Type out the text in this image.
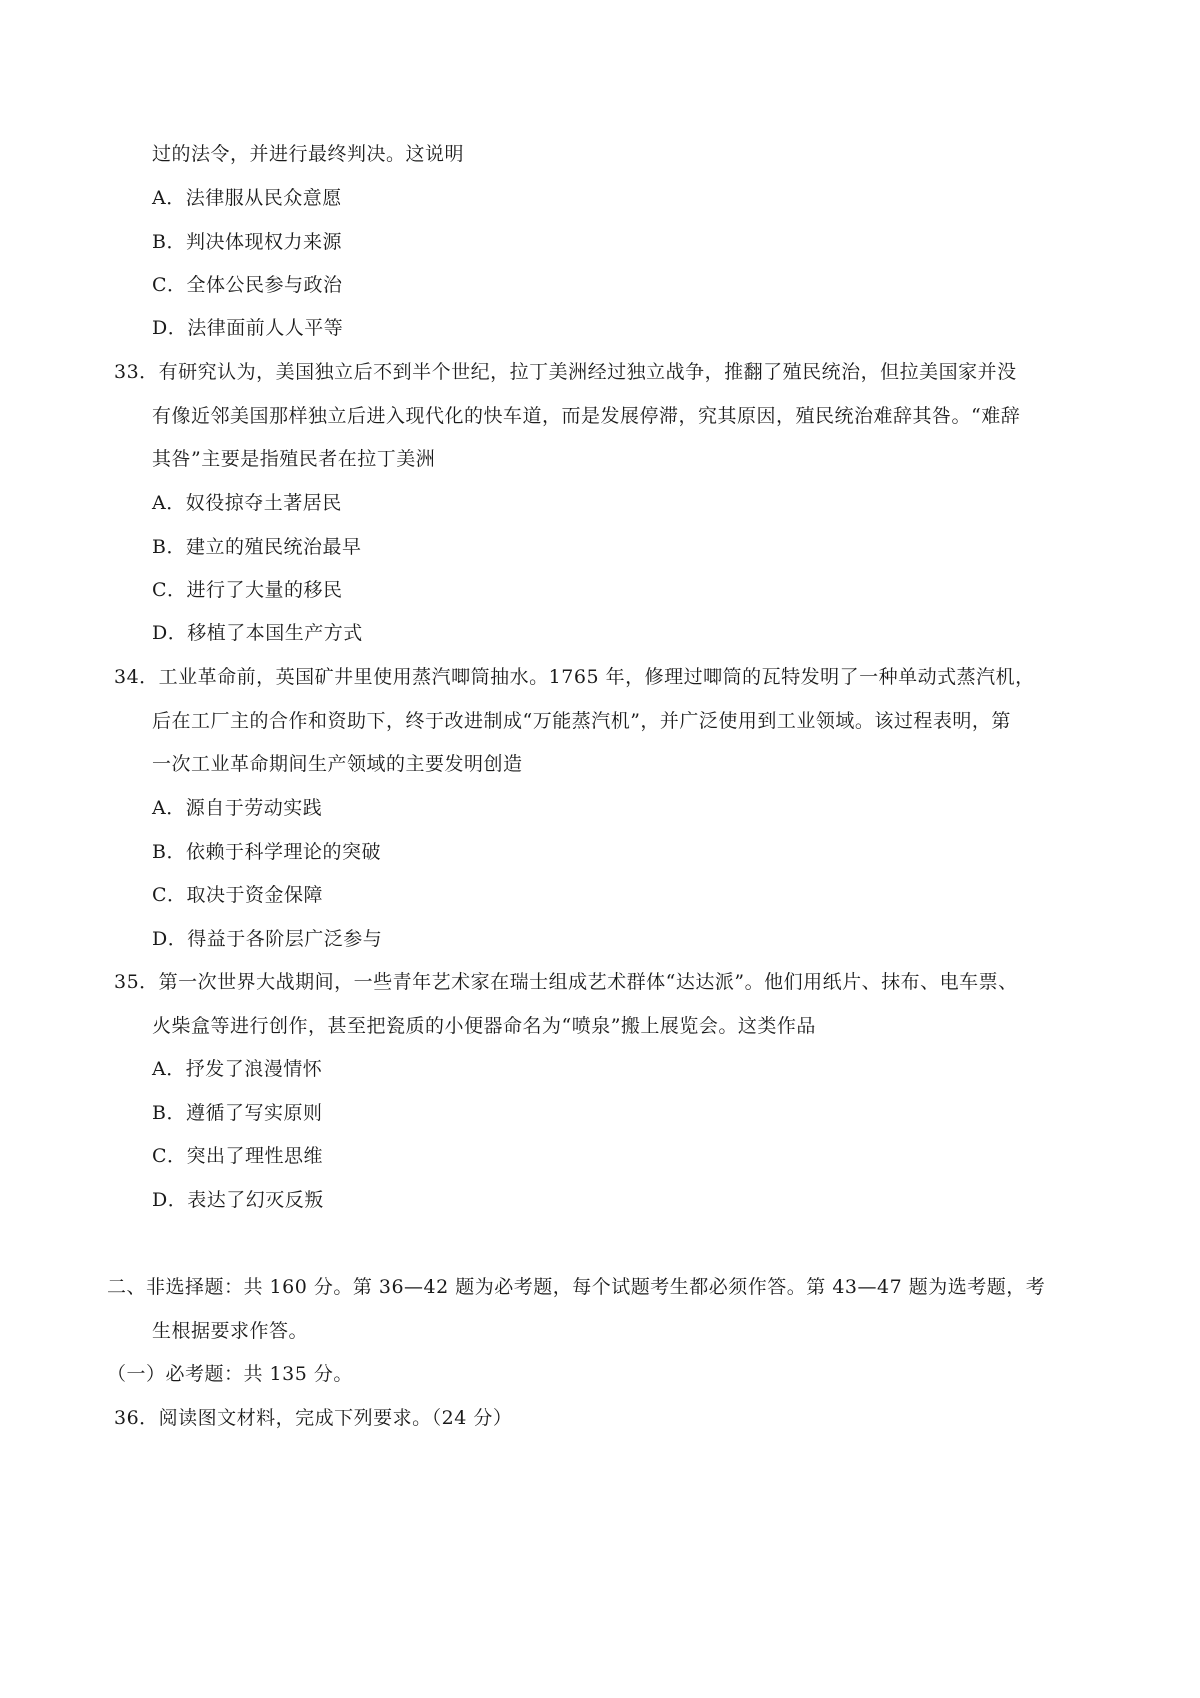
过的法令，并进行最终判决。这说明
A．法律服从民众意愿
B．判决体现权力来源
C．全体公民参与政治
D．法律面前人人平等
33．有研究认为，美国独立后不到半个世纪，拉丁美洲经过独立战争，推翻了殖民统治，但拉美国家并没
有像近邻美国那样独立后进入现代化的快车道，而是发展停滞，究其原因，殖民统治难辞其咎。“难辞
其咎”主要是指殖民者在拉丁美洲
A．奴役掠夺土著居民
B．建立的殖民统治最早
C．进行了大量的移民
D．移植了本国生产方式
34．工业革命前，英国矿井里使用蒸汽唧筒抽水。1765 年，修理过唧筒的瓦特发明了一种单动式蒸汽机，
后在工厂主的合作和资助下，终于改进制成“万能蒸汽机”，并广泛使用到工业领域。该过程表明，第
一次工业革命期间生产领域的主要发明创造
A．源自于劳动实践
B．依赖于科学理论的突破
C．取决于资金保障
D．得益于各阶层广泛参与
35．第一次世界大战期间，一些青年艺术家在瑞士组成艺术群体“达达派”。他们用纸片、抹布、电车票、
火柴盒等进行创作，甚至把瓷质的小便器命名为“喷泉”搬上展览会。这类作品
A．抒发了浪漫情怀
B．遵循了写实原则
C．突出了理性思维
D．表达了幻灭反叛
二、非选择题：共 160 分。第 36—42 题为必考题，每个试题考生都必须作答。第 43—47 题为选考题，考
生根据要求作答。
（一）必考题：共 135 分。
36．阅读图文材料，完成下列要求。（24 分）
